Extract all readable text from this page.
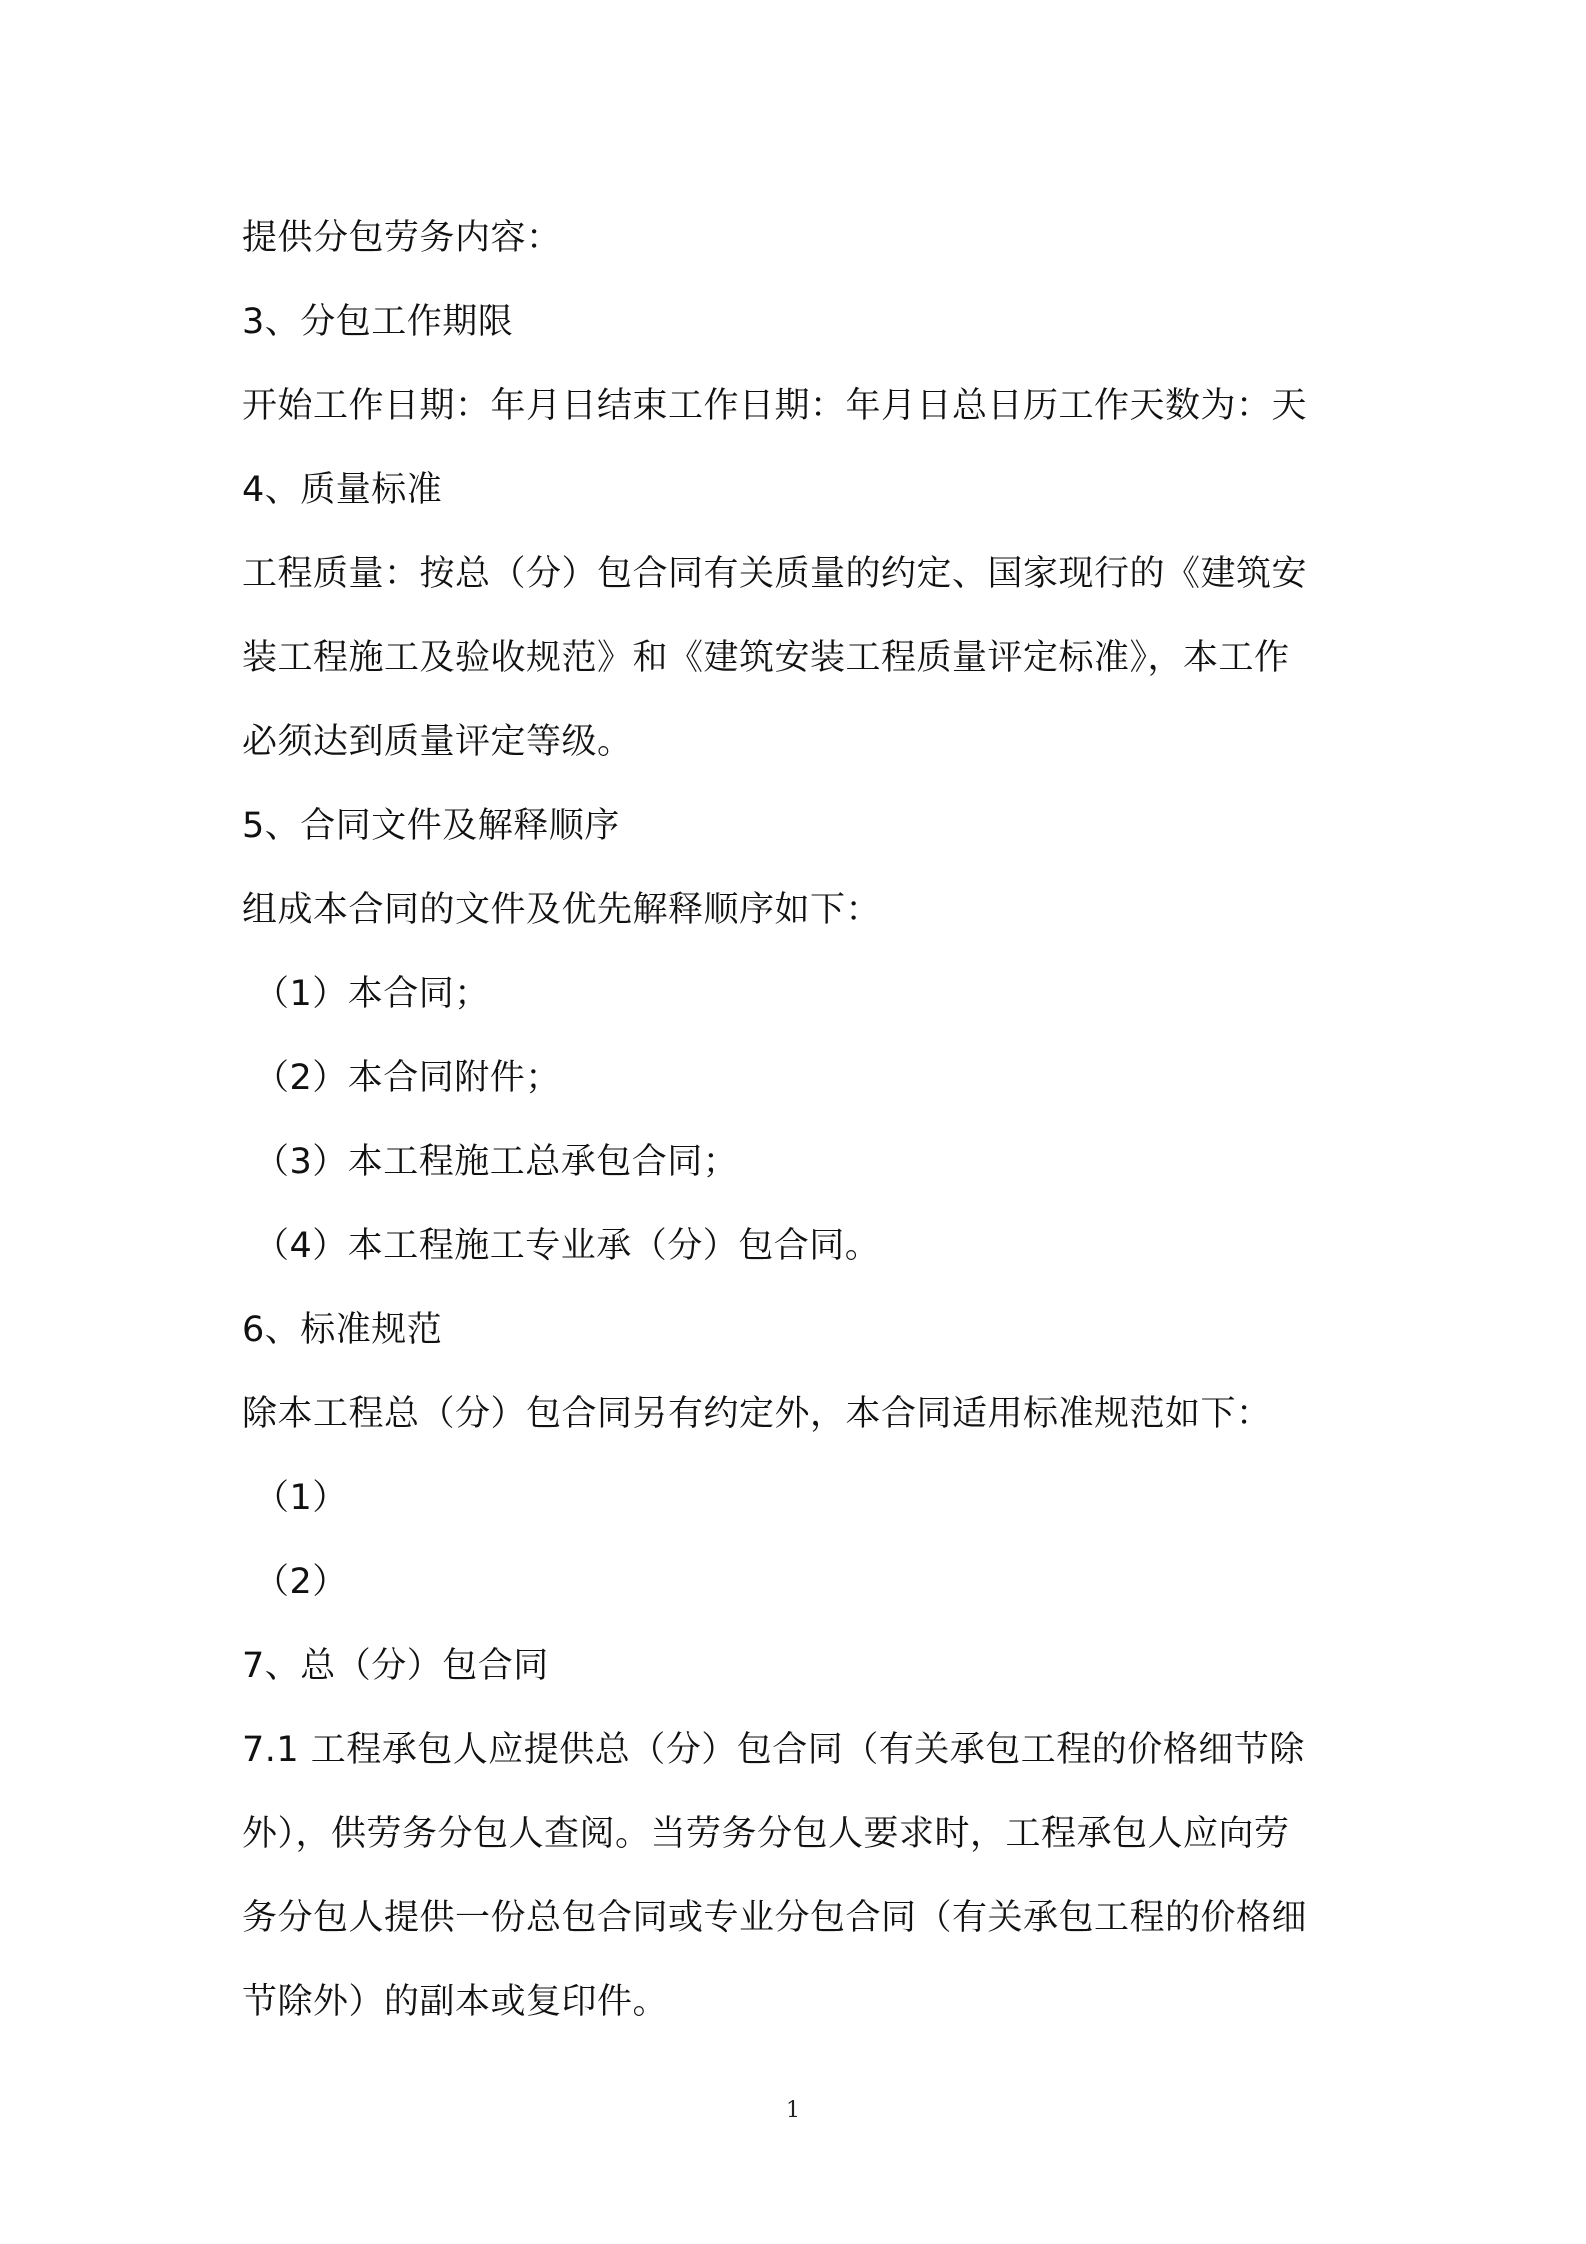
提供分包劳务内容：
3、分包工作期限
开始工作日期：年月日结束工作日期：年月日总日历工作天数为：天
4、质量标准
工程质量：按总（分）包合同有关质量的约定、国家现行的《建筑安
装工程施工及验收规范》和《建筑安装工程质量评定标准》，本工作
必须达到质量评定等级。
5、合同文件及解释顺序
组成本合同的文件及优先解释顺序如下：
（1）本合同；
（2）本合同附件；
（3）本工程施工总承包合同；
（4）本工程施工专业承（分）包合同。
6、标准规范
除本工程总（分）包合同另有约定外，本合同适用标准规范如下：
（1）
（2）
7、总（分）包合同
7.1 工程承包人应提供总（分）包合同（有关承包工程的价格细节除
外），供劳务分包人查阅。当劳务分包人要求时，工程承包人应向劳
务分包人提供一份总包合同或专业分包合同（有关承包工程的价格细
节除外）的副本或复印件。
1
